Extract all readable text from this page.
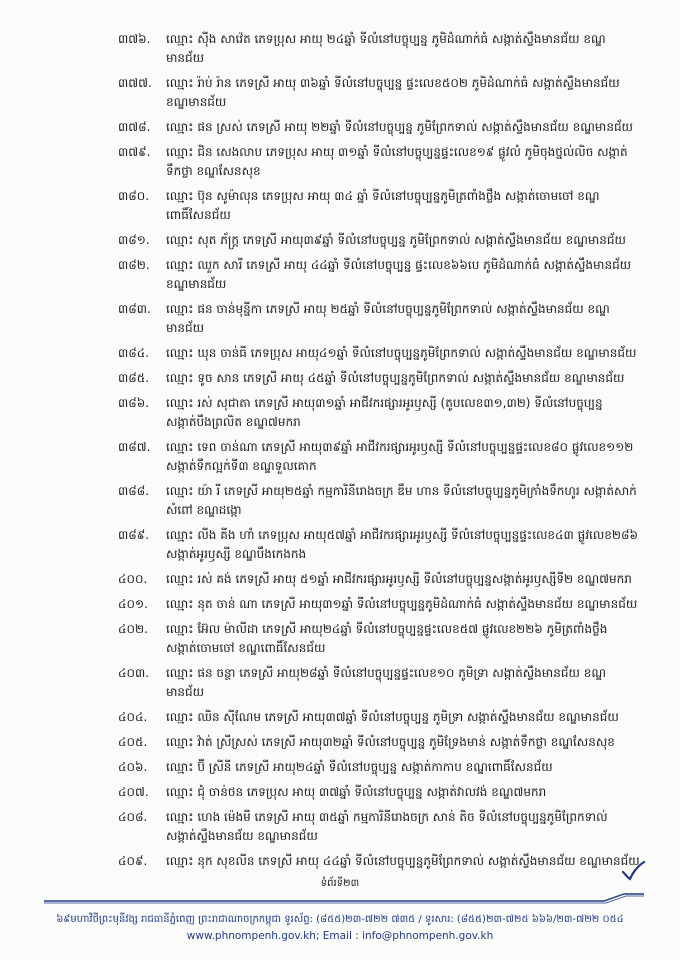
៣៧៦.	ឈ្មោះ ស៊ីង សាវ៉េត ភេទប្រុស អាយុ ២៤ឆ្នាំ ទីលំនៅបច្ចុប្បន្ន ភូមិដំណាក់ធំ សង្កាត់ស្ទឹងមានជ័យ ខណ្ឌមានជ័យ
៣៧៧.	ឈ្មោះ រ៉ាប់ រ៉ាន ភេទស្រី អាយុ ៣៦ឆ្នាំ ទីលំនៅបច្ចុប្បន្ន ផ្ទះលេខ៥០២ ភូមិដំណាក់ធំ សង្កាត់ស្ទឹងមានជ័យ ខណ្ឌមានជ័យ
៣៧៨.	ឈ្មោះ ផន ស្រស់ ភេទស្រី អាយុ ២២ឆ្នាំ ទីលំនៅបច្ចុប្បន្ន ភូមិព្រែកទាល់ សង្កាត់ស្ទឹងមានជ័យ ខណ្ឌមានជ័យ
៣៧៩.	ឈ្មោះ ជិន សេងលាប ភេទប្រុស អាយុ ៣១ឆ្នាំ ទីលំនៅបច្ចុប្បន្នផ្ទះលេខ១៩ ផ្លូវលំ ភូមិចុងថ្នល់លិច សង្កាត់ទឹកថ្លា ខណ្ឌសែនសុខ
៣៨០.	ឈ្មោះ ប៊ុន សូម៉ាលុន ភេទប្រុស អាយុ ៣៤ ឆ្នាំ ទីលំនៅបច្ចុប្បន្នភូមិត្រពាំងថ្លឹង សង្កាត់ចោមចៅ ខណ្ឌពោធិ៍សែនជ័យ
៣៨១.	ឈ្មោះ សុត ភ័ក្ត្រ ភេទស្រី អាយុ៣៩ឆ្នាំ ទីលំនៅបច្ចុប្បន្ន ភូមិព្រែកទាល់ សង្កាត់ស្ទឹងមានជ័យ ខណ្ឌមានជ័យ
៣៨២.	ឈ្មោះ ឈួក សារី ភេទស្រី អាយុ ៤៤ឆ្នាំ ទីលំនៅបច្ចុប្បន្ន ផ្ទះលេខ៦៦បេ ភូមិដំណាក់ធំ សង្កាត់ស្ទឹងមានជ័យ ខណ្ឌមានជ័យ
៣៨៣.	ឈ្មោះ ផន ចាន់មុន្នីកា ភេទស្រី អាយុ ២៥ឆ្នាំ ទីលំនៅបច្ចុប្បន្នភូមិព្រែកទាល់ សង្កាត់ស្ទឹងមានជ័យ ខណ្ឌមានជ័យ
៣៨៤.	ឈ្មោះ ឃុន ចាន់ធី ភេទប្រុស អាយុ៤១ឆ្នាំ ទីលំនៅបច្ចុប្បន្នភូមិព្រែកទាល់ សង្កាត់ស្ទឹងមានជ័យ ខណ្ឌមានជ័យ
៣៨៥.	ឈ្មោះ ទូច សាន ភេទស្រី អាយុ ៤៥ឆ្នាំ ទីលំនៅបច្ចុប្បន្នភូមិព្រែកទាល់ សង្កាត់ស្ទឹងមានជ័យ ខណ្ឌមានជ័យ
៣៨៦.	ឈ្មោះ រស់ សុជាតា ភេទស្រី អាយុ៣១ឆ្នាំ អាជីវករផ្សារអូរឫស្សី (តូបលេខ៣១,៣២) ទីលំនៅបច្ចុប្បន្នសង្កាត់បឹងព្រលិត ខណ្ឌ៧មករា
៣៨៧.	ឈ្មោះ ទេព ចាន់ណា ភេទស្រី អាយុ៣៩ឆ្នាំ អាជីវករផ្សារអូរឫស្សី ទីលំនៅបច្ចុប្បន្នផ្ទះលេខ៨០ ផ្លូវលេខ១១២ សង្កាត់ទឹកល្អក់ទី៣ ខណ្ឌទួលគោក
៣៨៨.	ឈ្មោះ យ៉ា រី ភេទស្រី អាយុ២៥ឆ្នាំ កម្មការិនីរោងចក្រ ឌឹម ហាន ទីលំនៅបច្ចុប្បន្នភូមិក្រាំងទឹកហូរ សង្កាត់សាក់សំពៅ ខណ្ឌដង្កោ
៣៨៩.	ឈ្មោះ លីង គីង ហាំ ភេទប្រុស អាយុ៥៧ឆ្នាំ អាជីវករផ្សារអូរឫស្សី ទីលំនៅបច្ចុប្បន្នផ្ទះលេខ៤៣ ផ្លូវលេខ២៨៦ សង្កាត់អូរឫស្សី ខណ្ឌបឹងកេងកង
៤០០.	ឈ្មោះ រស់ គង់ ភេទស្រី អាយុ ៥១ឆ្នាំ អាជីវករផ្សារអូរឫស្សី ទីលំនៅបច្ចុប្បន្នសង្កាត់អូរឫស្សីទី២ ខណ្ឌ៧មករា
៤០១.	ឈ្មោះ នុត ចាន់ ណា ភេទស្រី អាយុ៣១ឆ្នាំ ទីលំនៅបច្ចុប្បន្នភូមិដំណាក់ធំ សង្កាត់ស្ទឹងមានជ័យ ខណ្ឌមានជ័យ
៤០២.	ឈ្មោះ អ៊ែល ម៉ាលីដា ភេទស្រី អាយុ២៤ឆ្នាំ ទីលំនៅបច្ចុប្បន្នផ្ទះលេខ៥៧ ផ្លូវលេខ២២៦ ភូមិត្រពាំងថ្លឹង សង្កាត់ចោមចៅ ខណ្ឌពោធិ៍សែនជ័យ
៤០៣.	ឈ្មោះ ផន ចន្ថា ភេទស្រី អាយុ២៨ឆ្នាំ ទីលំនៅបច្ចុប្បន្នផ្ទះលេខ១០ ភូមិទ្រា សង្កាត់ស្ទឹងមានជ័យ ខណ្ឌមានជ័យ
៤០៤.	ឈ្មោះ ឈិន ស៊ីណែម ភេទស្រី អាយុ៣៧ឆ្នាំ ទីលំនៅបច្ចុប្បន្ន ភូមិទ្រា សង្កាត់ស្ទឹងមានជ័យ ខណ្ឌមានជ័យ
៤០៥.	ឈ្មោះ វ៉ាត់ ស្រីស្រស់ ភេទស្រី អាយុ៣២ឆ្នាំ ទីលំនៅបច្ចុប្បន្ន ភូមិទ្រែងមាន់ សង្កាត់ទឹកថ្លា ខណ្ឌសែនសុខ
៤០៦.	ឈ្មោះ ប៊ី ស្រីនី ភេទស្រី អាយុ២៤ឆ្នាំ ទីលំនៅបច្ចុប្បន្ន សង្កាត់កាកាប ខណ្ឌពោធិ៍សែនជ័យ
៤០៧.	ឈ្មោះ ជុំ ចាន់ថន ភេទប្រុស អាយុ ៣៧ឆ្នាំ ទីលំនៅបច្ចុប្បន្ន សង្កាត់វាលវង់ ខណ្ឌ៧មករា
៤០៨.	ឈ្មោះ ហេង ម៉េងមី ភេទស្រី អាយុ ៣៥ឆ្នាំ កម្មការិនីរោងចក្រ សាន់ តិច ទីលំនៅបច្ចុប្បន្នភូមិព្រែកទាល់ សង្កាត់ស្ទឹងមានជ័យ ខណ្ឌមានជ័យ
៤០៩.	ឈ្មោះ នុក សុខលីន ភេទស្រី អាយុ ៤៤ឆ្នាំ ទីលំនៅបច្ចុប្បន្នភូមិព្រែកទាល់ សង្កាត់ស្ទឹងមានជ័យ ខណ្ឌមានជ័យ
ទំព័រទី២៣
៦៩មហាវិថីព្រះមុនីវង្ស រាជធានីភ្នំពេញ ព្រះរាជាណាចក្រកម្ពុជា ទូរស័ព្ទ: (៨៥៥)២៣-៧២២ ៧៣៥ / ទូរសារ: (៨៥៥)២៣-៧២៥ ៦៦៦/២៣-៧២២ ០៥៤
www.phnompenh.gov.kh; Email : info@phnompenh.gov.kh
